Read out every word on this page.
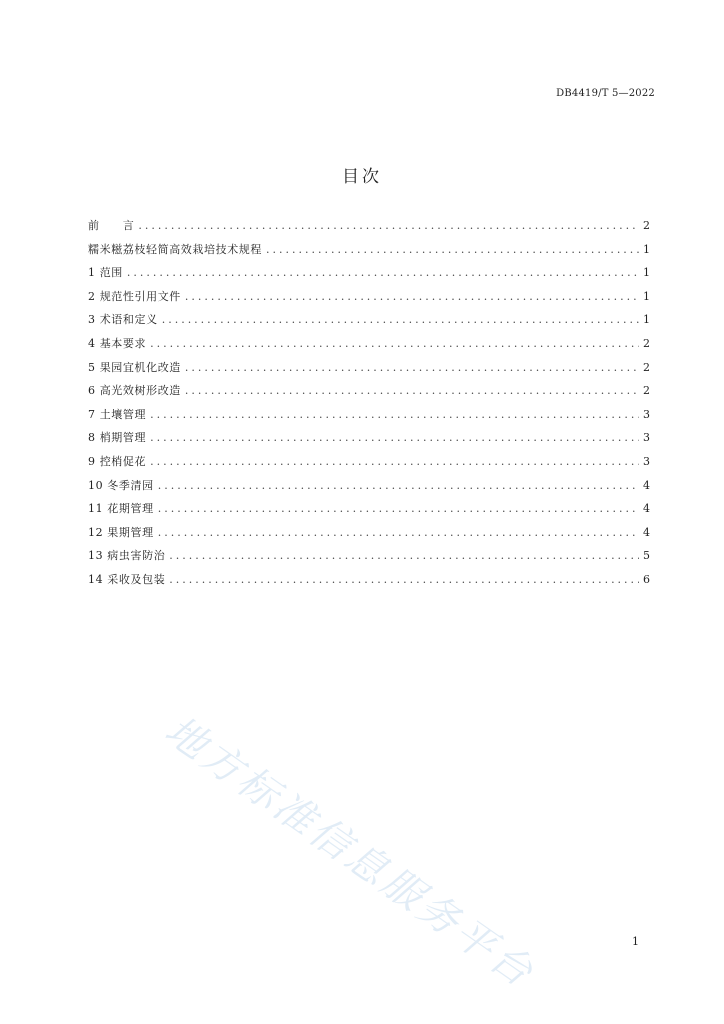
DB4419/T 5—2022
目次
前　　言 .....	2
糯米糍荔枝轻简高效栽培技术规程 .....	1
1 范围 .....	1
2 规范性引用文件 .....	1
3 术语和定义 .....	1
4 基本要求 .....	2
5 果园宜机化改造 .....	2
6 高光效树形改造 .....	2
7 土壤管理 .....	3
8 梢期管理 .....	3
9 控梢促花 .....	3
10 冬季清园 .....	4
11 花期管理 .....	4
12 果期管理 .....	4
13 病虫害防治 .....	5
14 采收及包装 .....	6
地方标准信息服务平台	1
